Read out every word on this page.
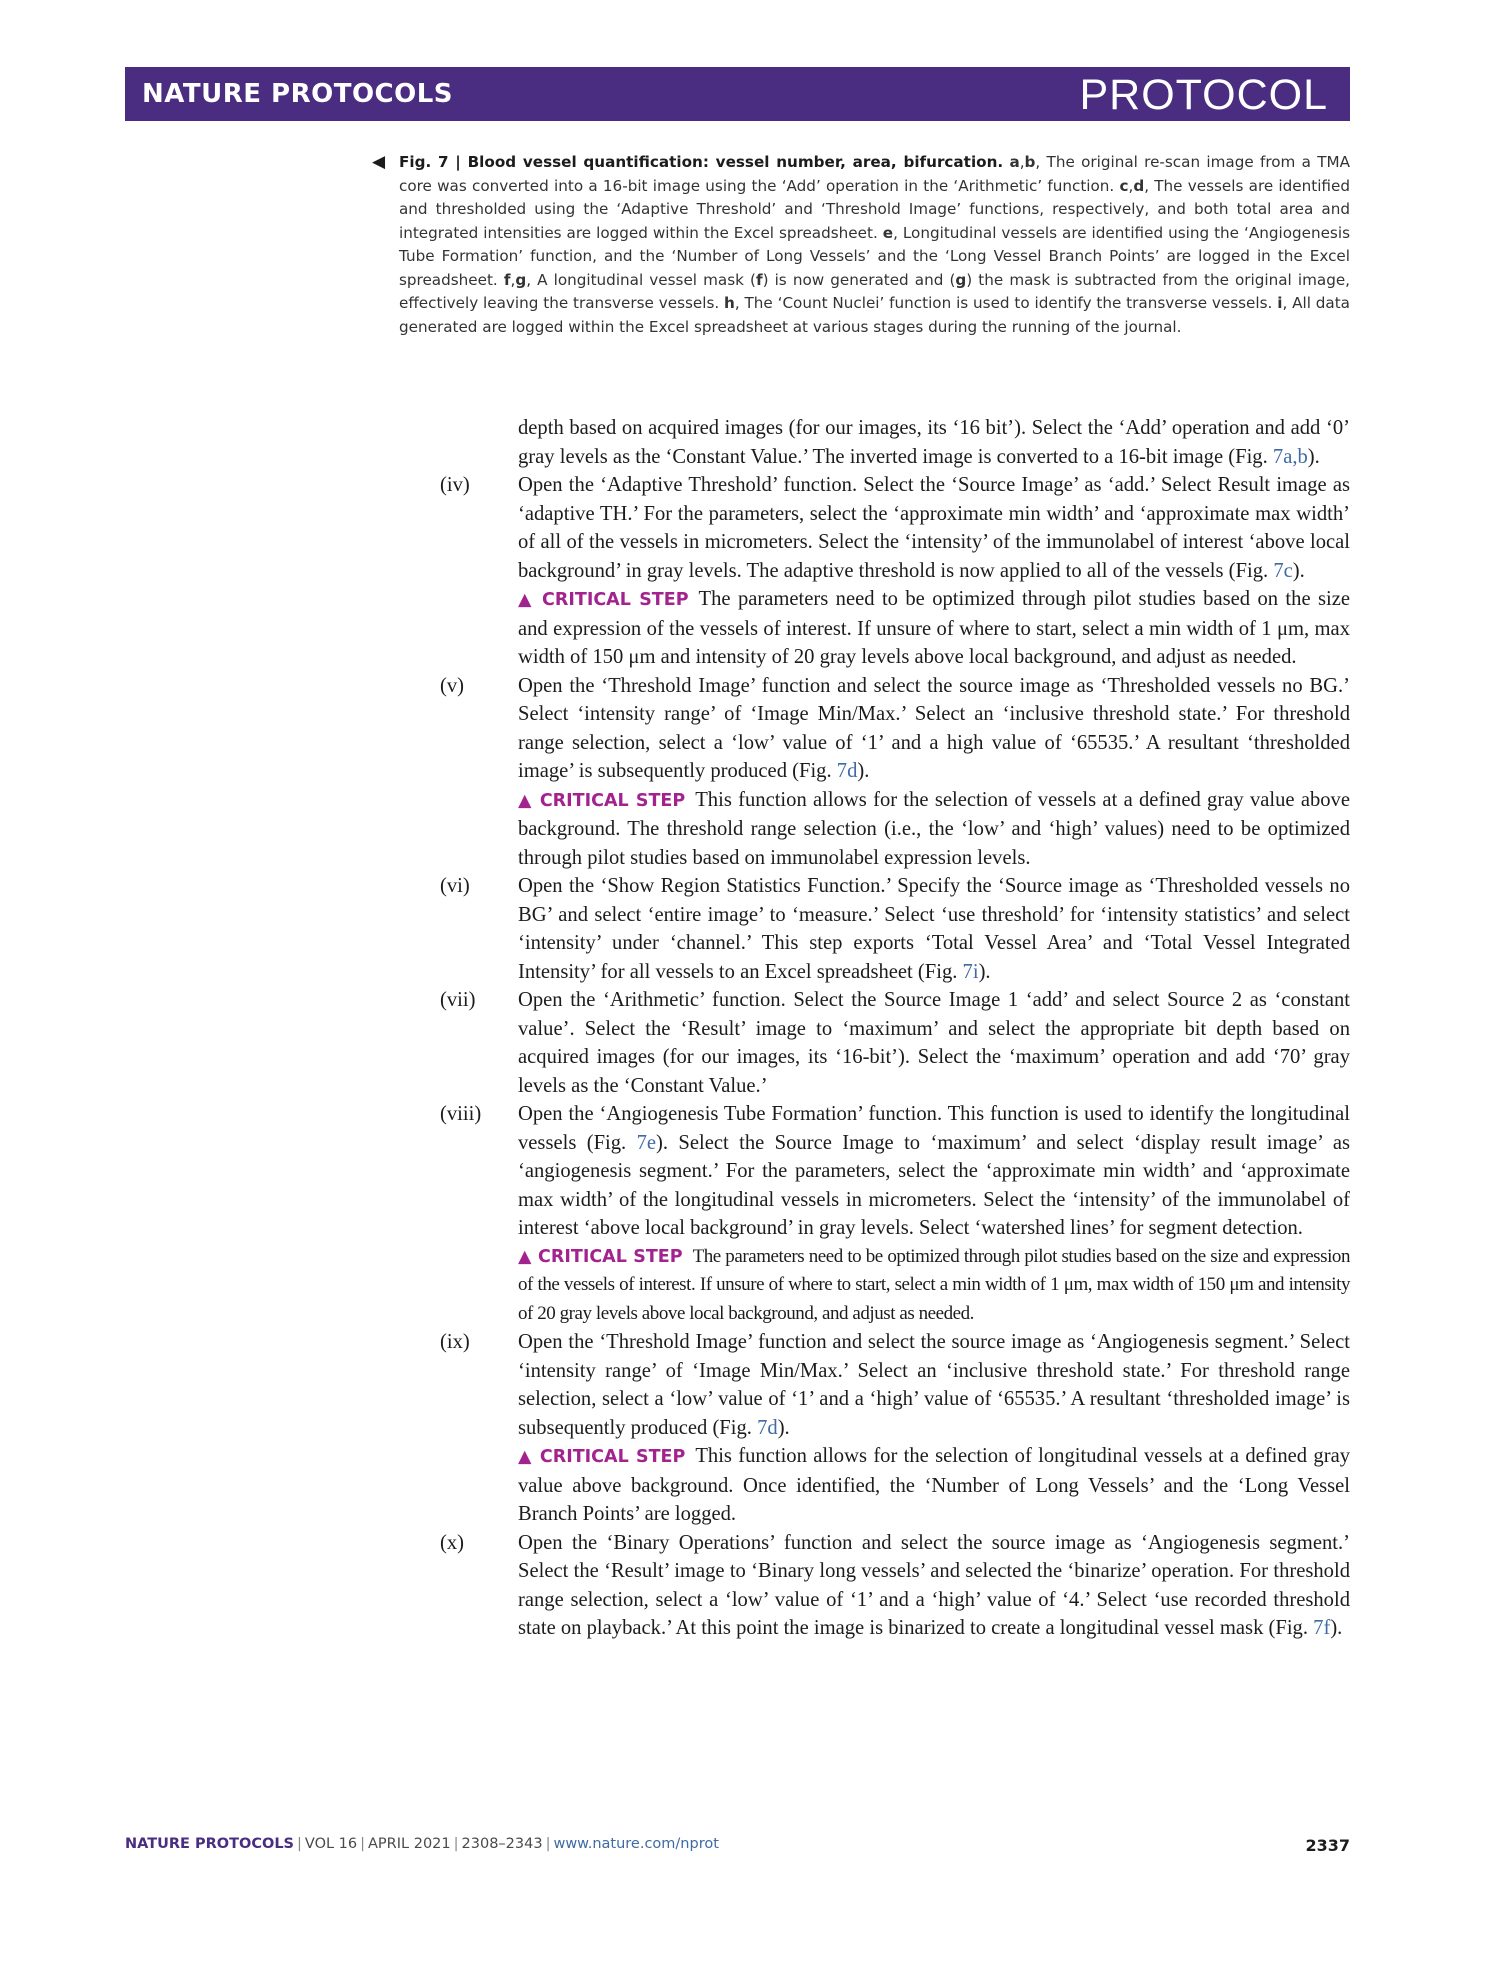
NATURE PROTOCOLS	PROTOCOL
◀ Fig. 7 | Blood vessel quantification: vessel number, area, bifurcation. a,b, The original re-scan image from a TMA core was converted into a 16-bit image using the ‘Add’ operation in the ‘Arithmetic’ function. c,d, The vessels are identified and thresholded using the ‘Adaptive Threshold’ and ‘Threshold Image’ functions, respectively, and both total area and integrated intensities are logged within the Excel spreadsheet. e, Longitudinal vessels are identified using the ‘Angiogenesis Tube Formation’ function, and the ‘Number of Long Vessels’ and the ‘Long Vessel Branch Points’ are logged in the Excel spreadsheet. f,g, A longitudinal vessel mask (f) is now generated and (g) the mask is subtracted from the original image, effectively leaving the transverse vessels. h, The ‘Count Nuclei’ function is used to identify the transverse vessels. i, All data generated are logged within the Excel spreadsheet at various stages during the running of the journal.
depth based on acquired images (for our images, its ‘16 bit’). Select the ‘Add’ operation and add ‘0’ gray levels as the ‘Constant Value.’ The inverted image is converted to a 16-bit image (Fig. 7a,b).
(iv)	Open the ‘Adaptive Threshold’ function. Select the ‘Source Image’ as ‘add.’ Select Result image as ‘adaptive TH.’ For the parameters, select the ‘approximate min width’ and ‘approximate max width’ of all of the vessels in micrometers. Select the ‘intensity’ of the immunolabel of interest ‘above local background’ in gray levels. The adaptive threshold is now applied to all of the vessels (Fig. 7c).
▲ CRITICAL STEP The parameters need to be optimized through pilot studies based on the size and expression of the vessels of interest. If unsure of where to start, select a min width of 1 μm, max width of 150 μm and intensity of 20 gray levels above local background, and adjust as needed.
(v)	Open the ‘Threshold Image’ function and select the source image as ‘Thresholded vessels no BG.’ Select ‘intensity range’ of ‘Image Min/Max.’ Select an ‘inclusive threshold state.’ For threshold range selection, select a ‘low’ value of ‘1’ and a high value of ‘65535.’ A resultant ‘thresholded image’ is subsequently produced (Fig. 7d).
▲ CRITICAL STEP This function allows for the selection of vessels at a defined gray value above background. The threshold range selection (i.e., the ‘low’ and ‘high’ values) need to be optimized through pilot studies based on immunolabel expression levels.
(vi)	Open the ‘Show Region Statistics Function.’ Specify the ‘Source image as ‘Thresholded vessels no BG’ and select ‘entire image’ to ‘measure.’ Select ‘use threshold’ for ‘intensity statistics’ and select ‘intensity’ under ‘channel.’ This step exports ‘Total Vessel Area’ and ‘Total Vessel Integrated Intensity’ for all vessels to an Excel spreadsheet (Fig. 7i).
(vii)	Open the ‘Arithmetic’ function. Select the Source Image 1 ‘add’ and select Source 2 as ‘constant value’. Select the ‘Result’ image to ‘maximum’ and select the appropriate bit depth based on acquired images (for our images, its ‘16-bit’). Select the ‘maximum’ operation and add ‘70’ gray levels as the ‘Constant Value.’
(viii)	Open the ‘Angiogenesis Tube Formation’ function. This function is used to identify the longitudinal vessels (Fig. 7e). Select the Source Image to ‘maximum’ and select ‘display result image’ as ‘angiogenesis segment.’ For the parameters, select the ‘approximate min width’ and ‘approximate max width’ of the longitudinal vessels in micrometers. Select the ‘intensity’ of the immunolabel of interest ‘above local background’ in gray levels. Select ‘watershed lines’ for segment detection.
▲ CRITICAL STEP The parameters need to be optimized through pilot studies based on the size and expression of the vessels of interest. If unsure of where to start, select a min width of 1 μm, max width of 150 μm and intensity of 20 gray levels above local background, and adjust as needed.
(ix)	Open the ‘Threshold Image’ function and select the source image as ‘Angiogenesis segment.’ Select ‘intensity range’ of ‘Image Min/Max.’ Select an ‘inclusive threshold state.’ For threshold range selection, select a ‘low’ value of ‘1’ and a ‘high’ value of ‘65535.’ A resultant ‘thresholded image’ is subsequently produced (Fig. 7d).
▲ CRITICAL STEP This function allows for the selection of longitudinal vessels at a defined gray value above background. Once identified, the ‘Number of Long Vessels’ and the ‘Long Vessel Branch Points’ are logged.
(x)	Open the ‘Binary Operations’ function and select the source image as ‘Angiogenesis segment.’ Select the ‘Result’ image to ‘Binary long vessels’ and selected the ‘binarize’ operation. For threshold range selection, select a ‘low’ value of ‘1’ and a ‘high’ value of ‘4.’ Select ‘use recorded threshold state on playback.’ At this point the image is binarized to create a longitudinal vessel mask (Fig. 7f).
NATURE PROTOCOLS | VOL 16 | APRIL 2021 | 2308–2343 | www.nature.com/nprot	2337
